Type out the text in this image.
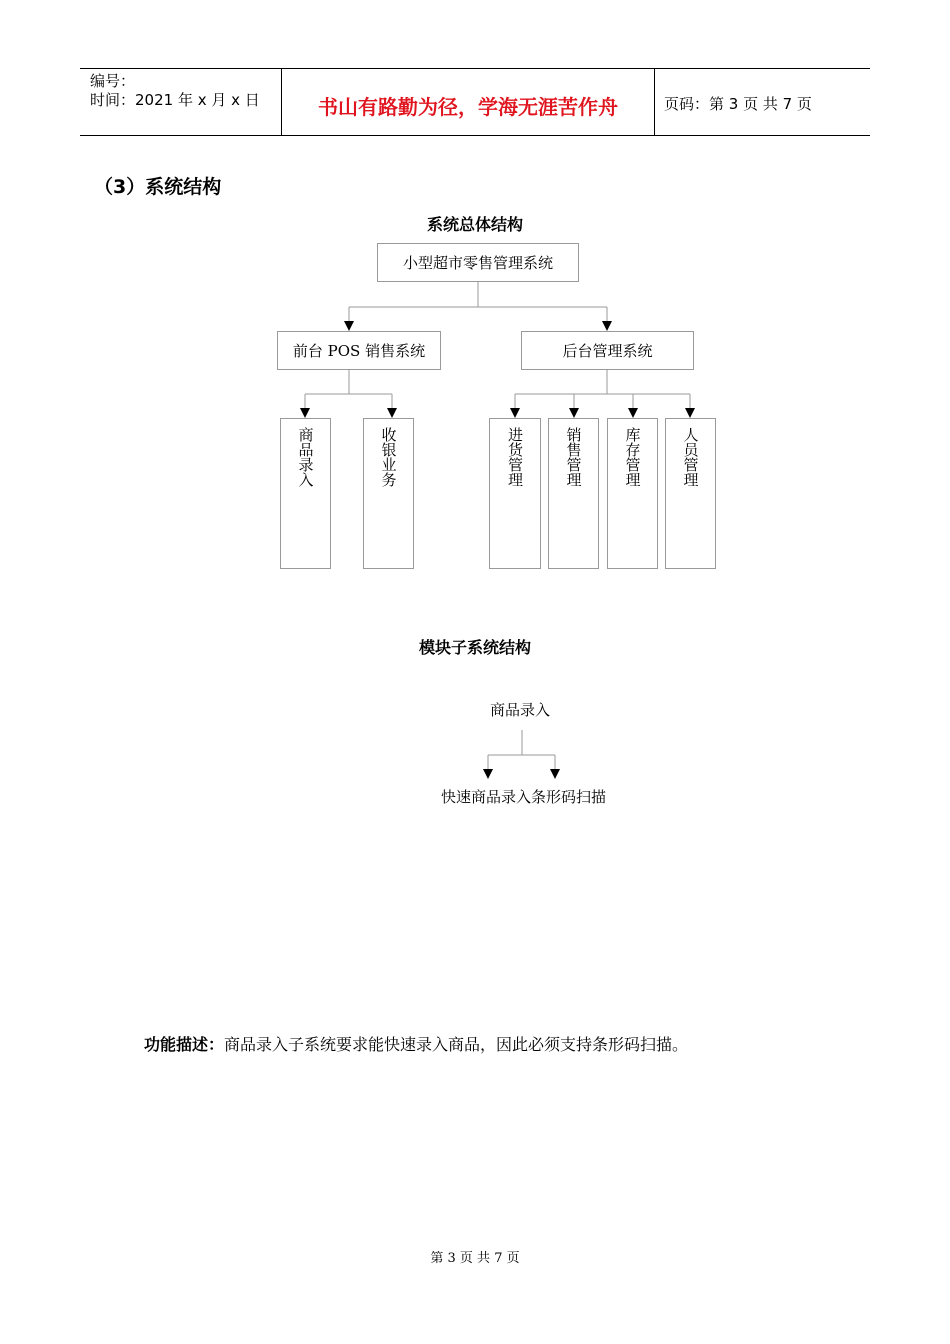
编号：
时间：2021 年 x 月 x 日	书山有路勤为径，学海无涯苦作舟	页码：第 3 页 共 7 页
（3）系统结构
系统总体结构
小型超市零售管理系统
前台 POS 销售系统	后台管理系统
商品录入	收银业务	进货管理	销售管理	库存管理	人员管理
模块子系统结构
商品录入
快速商品录入条形码扫描
功能描述：商品录入子系统要求能快速录入商品，因此必须支持条形码扫描。
第 3 页 共 7 页
